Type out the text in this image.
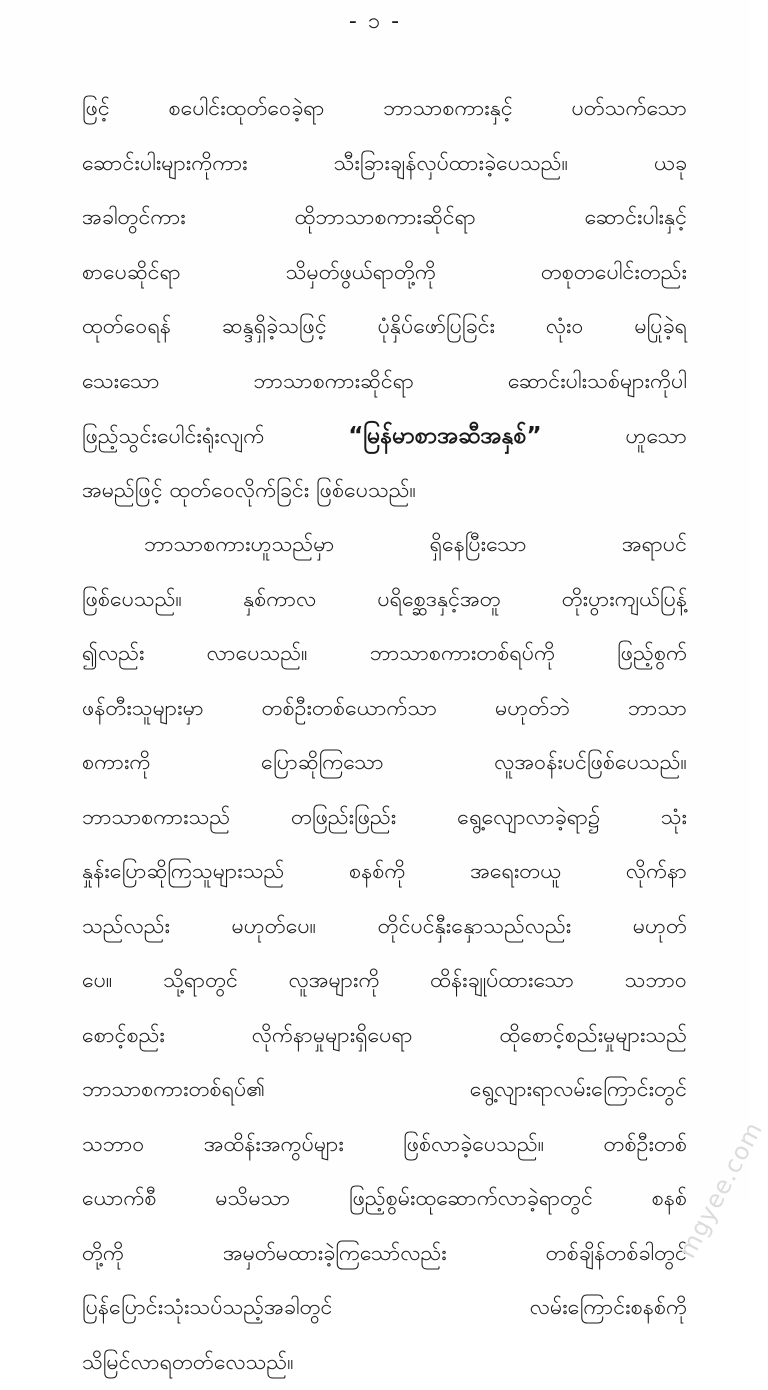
- ၁ -
ဖြင့် စပေါင်းထုတ်ဝေခဲ့ရာ ဘာသာစကားနှင့် ပတ်သက်သော
ဆောင်းပါးများကိုကား သီးခြားချန်လှပ်ထားခဲ့ပေသည်။ ယခု
အခါတွင်ကား ထိုဘာသာစကားဆိုင်ရာ ဆောင်းပါးနှင့်
စာပေဆိုင်ရာ သိမှတ်ဖွယ်ရာတို့ကို တစုတပေါင်းတည်း
ထုတ်ဝေရန် ဆန္ဒရှိခဲ့သဖြင့် ပုံနှိပ်ဖော်ပြခြင်း လုံးဝ မပြုခဲ့ရ
သေးသော ဘာသာစကားဆိုင်ရာ ဆောင်းပါးသစ်များကိုပါ
ဖြည့်သွင်းပေါင်းရုံးလျက်	“မြန်မာစာအဆီအနှစ်”	ဟူသော
အမည်ဖြင့် ထုတ်ဝေလိုက်ခြင်း ဖြစ်ပေသည်။
ဘာသာစကားဟူသည်မှာ ရှိနေပြီးသော အရာပင်
ဖြစ်ပေသည်။ နှစ်ကာလ ပရိစ္ဆေဒနှင့်အတူ တိုးပွားကျယ်ပြန့်
၍လည်း လာပေသည်။ ဘာသာစကားတစ်ရပ်ကို ဖြည့်စွက်
ဖန်တီးသူများမှာ တစ်ဦးတစ်ယောက်သာ မဟုတ်ဘဲ ဘာသာ
စကားကို ပြောဆိုကြသော လူအဝန်းပင်ဖြစ်ပေသည်။
ဘာသာစကားသည် တဖြည်းဖြည်း ရွေ့လျောလာခဲ့ရာ၌ သုံး
နှုန်းပြောဆိုကြသူများသည် စနစ်ကို အရေးတယူ လိုက်နာ
သည်လည်း မဟုတ်ပေ။ တိုင်ပင်နှီးနှောသည်လည်း မဟုတ်
ပေ။ သို့ရာတွင် လူအများကို ထိန်းချုပ်ထားသော သဘာဝ
စောင့်စည်း လိုက်နာမှုများရှိပေရာ ထိုစောင့်စည်းမှုများသည်
ဘာသာစကားတစ်ရပ်၏ ရွေ့လျားရာလမ်းကြောင်းတွင်
သဘာဝ အထိန်းအကွပ်များ ဖြစ်လာခဲ့ပေသည်။ တစ်ဦးတစ်
ယောက်စီ မသိမသာ ဖြည့်စွမ်းထုဆောက်လာခဲ့ရာတွင် စနစ်
တို့ကို အမှတ်မထားခဲ့ကြသော်လည်း တစ်ချိန်တစ်ခါတွင်
ပြန်ပြောင်းသုံးသပ်သည့်အခါတွင် လမ်းကြောင်းစနစ်ကို
သိမြင်လာရတတ်လေသည်။
mgyee.com
